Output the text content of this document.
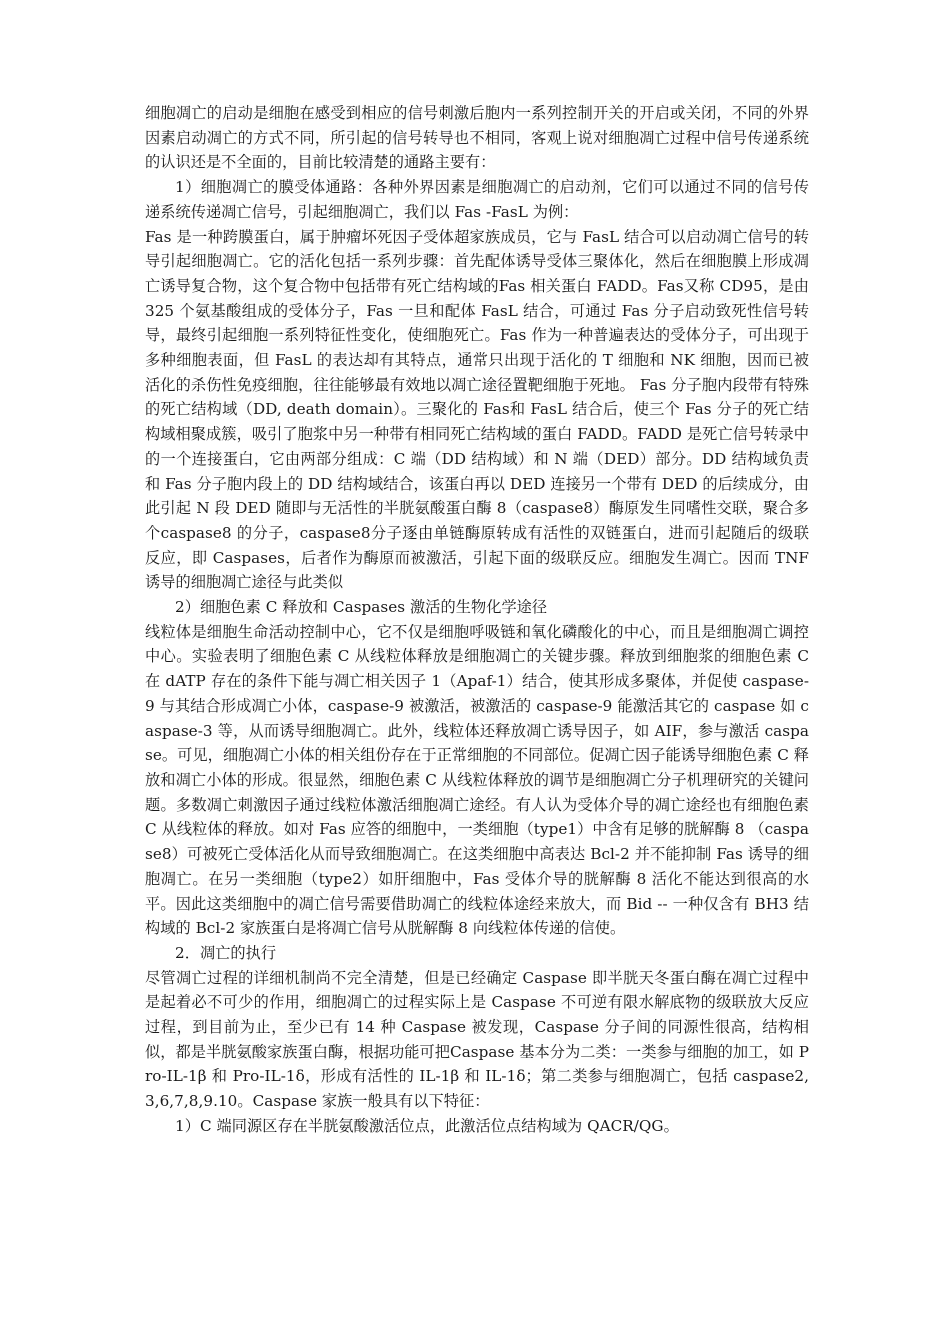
细胞凋亡的启动是细胞在感受到相应的信号刺激后胞内一系列控制开关的开启或关闭，不同的外界因素启动凋亡的方式不同，所引起的信号转导也不相同，客观上说对细胞凋亡过程中信号传递系统的认识还是不全面的，目前比较清楚的通路主要有：

1）细胞凋亡的膜受体通路：各种外界因素是细胞凋亡的启动剂，它们可以通过不同的信号传递系统传递凋亡信号，引起细胞凋亡，我们以 Fas -FasL 为例：

Fas 是一种跨膜蛋白，属于肿瘤坏死因子受体超家族成员，它与 FasL 结合可以启动凋亡信号的转导引起细胞凋亡。它的活化包括一系列步骤：首先配体诱导受体三聚体化，然后在细胞膜上形成凋亡诱导复合物，这个复合物中包括带有死亡结构域的Fas 相关蛋白 FADD。Fas又称 CD95，是由 325 个氨基酸组成的受体分子，Fas 一旦和配体 FasL 结合，可通过 Fas 分子启动致死性信号转导，最终引起细胞一系列特征性变化，使细胞死亡。Fas 作为一种普遍表达的受体分子，可出现于多种细胞表面，但 FasL 的表达却有其特点，通常只出现于活化的 T 细胞和 NK 细胞，因而已被活化的杀伤性免疫细胞，往往能够最有效地以凋亡途径置靶细胞于死地。 Fas 分子胞内段带有特殊的死亡结构域（DD, death domain）。三聚化的 Fas和 FasL 结合后，使三个 Fas 分子的死亡结构域相聚成簇，吸引了胞浆中另一种带有相同死亡结构域的蛋白 FADD。FADD 是死亡信号转录中的一个连接蛋白，它由两部分组成：C 端（DD 结构域）和 N 端（DED）部分。DD 结构域负责和 Fas 分子胞内段上的 DD 结构域结合，该蛋白再以 DED 连接另一个带有 DED 的后续成分，由此引起 N 段 DED 随即与无活性的半胱氨酸蛋白酶 8（caspase8）酶原发生同嗜性交联，聚合多个caspase8 的分子，caspase8分子逐由单链酶原转成有活性的双链蛋白，进而引起随后的级联反应，即 Caspases，后者作为酶原而被激活，引起下面的级联反应。细胞发生凋亡。因而 TNF 诱导的细胞凋亡途径与此类似

2）细胞色素 C 释放和 Caspases 激活的生物化学途径

线粒体是细胞生命活动控制中心，它不仅是细胞呼吸链和氧化磷酸化的中心，而且是细胞凋亡调控中心。实验表明了细胞色素 C 从线粒体释放是细胞凋亡的关键步骤。释放到细胞浆的细胞色素 C 在 dATP 存在的条件下能与凋亡相关因子 1（Apaf-1）结合，使其形成多聚体，并促使 caspase-9 与其结合形成凋亡小体，caspase-9 被激活，被激活的 caspase-9 能激活其它的 caspase 如 caspase-3 等，从而诱导细胞凋亡。此外，线粒体还释放凋亡诱导因子，如 AIF，参与激活 caspase。可见，细胞凋亡小体的相关组份存在于正常细胞的不同部位。促凋亡因子能诱导细胞色素 C 释放和凋亡小体的形成。很显然，细胞色素 C 从线粒体释放的调节是细胞凋亡分子机理研究的关键问题。多数凋亡刺激因子通过线粒体激活细胞凋亡途经。有人认为受体介导的凋亡途经也有细胞色素 C 从线粒体的释放。如对 Fas 应答的细胞中，一类细胞（type1）中含有足够的胱解酶 8 （caspase8）可被死亡受体活化从而导致细胞凋亡。在这类细胞中高表达 Bcl-2 并不能抑制 Fas 诱导的细胞凋亡。在另一类细胞（type2）如肝细胞中，Fas 受体介导的胱解酶 8 活化不能达到很高的水平。因此这类细胞中的凋亡信号需要借助凋亡的线粒体途经来放大，而 Bid -- 一种仅含有 BH3 结构域的 Bcl-2 家族蛋白是将凋亡信号从胱解酶 8 向线粒体传递的信使。

2．凋亡的执行

尽管凋亡过程的详细机制尚不完全清楚，但是已经确定 Caspase 即半胱天冬蛋白酶在凋亡过程中是起着必不可少的作用，细胞凋亡的过程实际上是 Caspase 不可逆有限水解底物的级联放大反应过程，到目前为止，至少已有 14 种 Caspase 被发现，Caspase 分子间的同源性很高，结构相似，都是半胱氨酸家族蛋白酶，根据功能可把Caspase 基本分为二类：一类参与细胞的加工，如 Pro-IL-1β 和 Pro-IL-1δ，形成有活性的 IL-1β 和 IL-1δ；第二类参与细胞凋亡，包括 caspase2,3,6,7,8,9.10。Caspase 家族一般具有以下特征：

1）C 端同源区存在半胱氨酸激活位点，此激活位点结构域为 QACR/QG。
